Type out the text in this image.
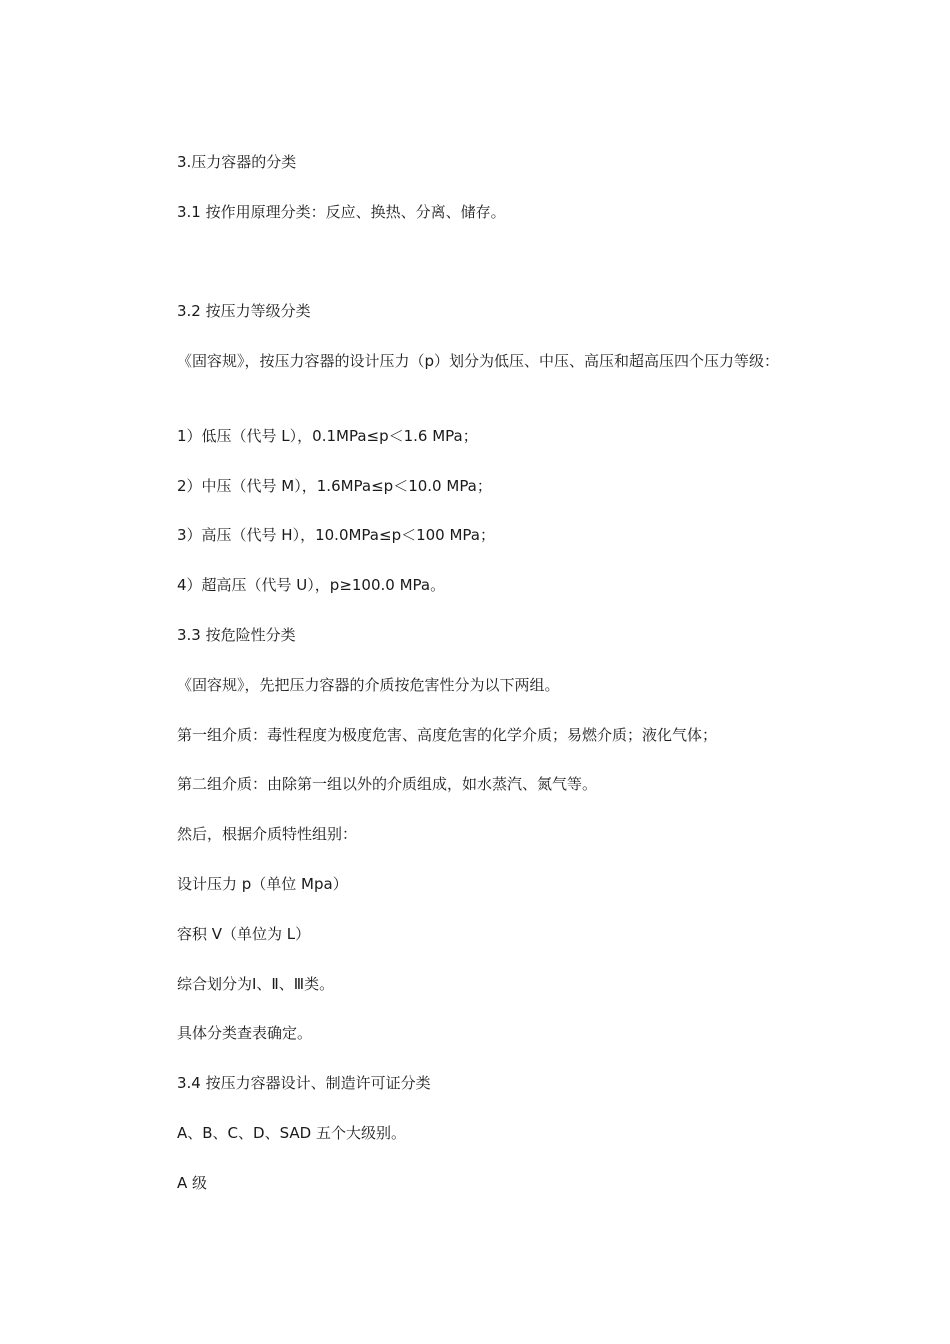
3.压力容器的分类
3.1 按作用原理分类：反应、换热、分离、储存。
3.2 按压力等级分类
《固容规》，按压力容器的设计压力（p）划分为低压、中压、高压和超高压四个压力等级：
1）低压（代号 L），0.1MPa≤p＜1.6 MPa；
2）中压（代号 M），1.6MPa≤p＜10.0 MPa；
3）高压（代号 H），10.0MPa≤p＜100 MPa；
4）超高压（代号 U），p≥100.0 MPa。
3.3 按危险性分类
《固容规》，先把压力容器的介质按危害性分为以下两组。
第一组介质：毒性程度为极度危害、高度危害的化学介质；易燃介质；液化气体；
第二组介质：由除第一组以外的介质组成，如水蒸汽、氮气等。
然后，根据介质特性组别：
设计压力 p（单位 Mpa）
容积 V（单位为 L）
综合划分为Ⅰ、Ⅱ、Ⅲ类。
具体分类查表确定。
3.4 按压力容器设计、制造许可证分类
A、B、C、D、SAD 五个大级别。
A 级
